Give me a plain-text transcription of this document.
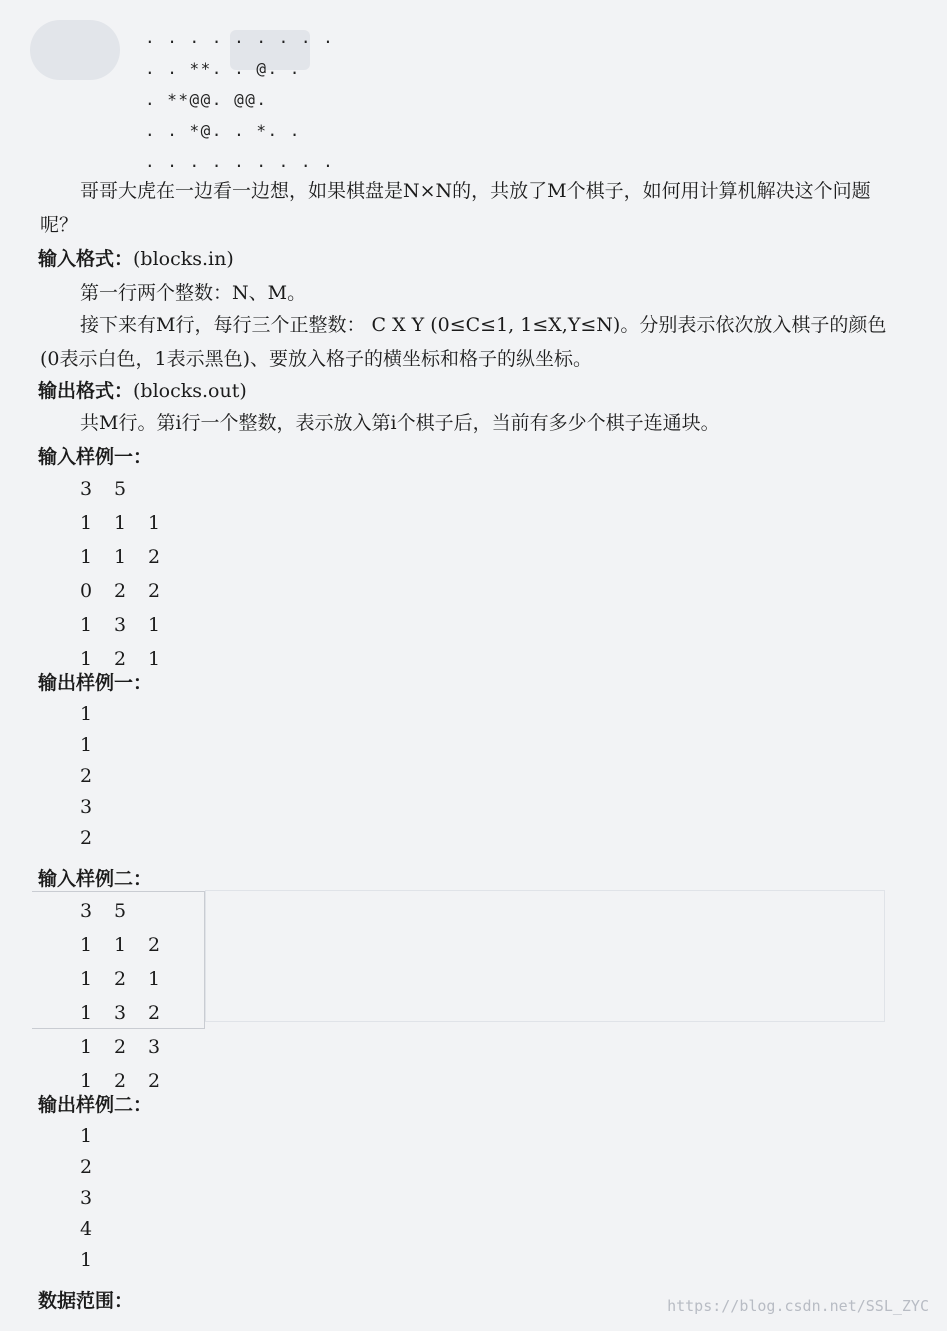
. . . . . . . . .
. . **. . @. .
. **@@. @@.
. . *@. . *. .
. . . . . . . . .
哥哥大虎在一边看一边想，如果棋盘是N×N的，共放了M个棋子，如何用计算机解决这个问题呢？
输入格式：(blocks.in)
第一行两个整数：N、M。
接下来有M行，每行三个正整数： C X Y (0≤C≤1, 1≤X,Y≤N)。分别表示依次放入棋子的颜色(0表示白色，1表示黑色)、要放入格子的横坐标和格子的纵坐标。
输出格式：(blocks.out)
共M行。第i行一个整数，表示放入第i个棋子后，当前有多少个棋子连通块。
输入样例一：
3	5
1	1	1
1	1	2
0	2	2
1	3	1
1	2	1
输出样例一：
1
1
2
3
2
输入样例二：
3	5
1	1	2
1	2	1
1	3	2
1	2	3
1	2	2
输出样例二：
1
2
3
4
1
数据范围：	https://blog.csdn.net/SSL_ZYC
